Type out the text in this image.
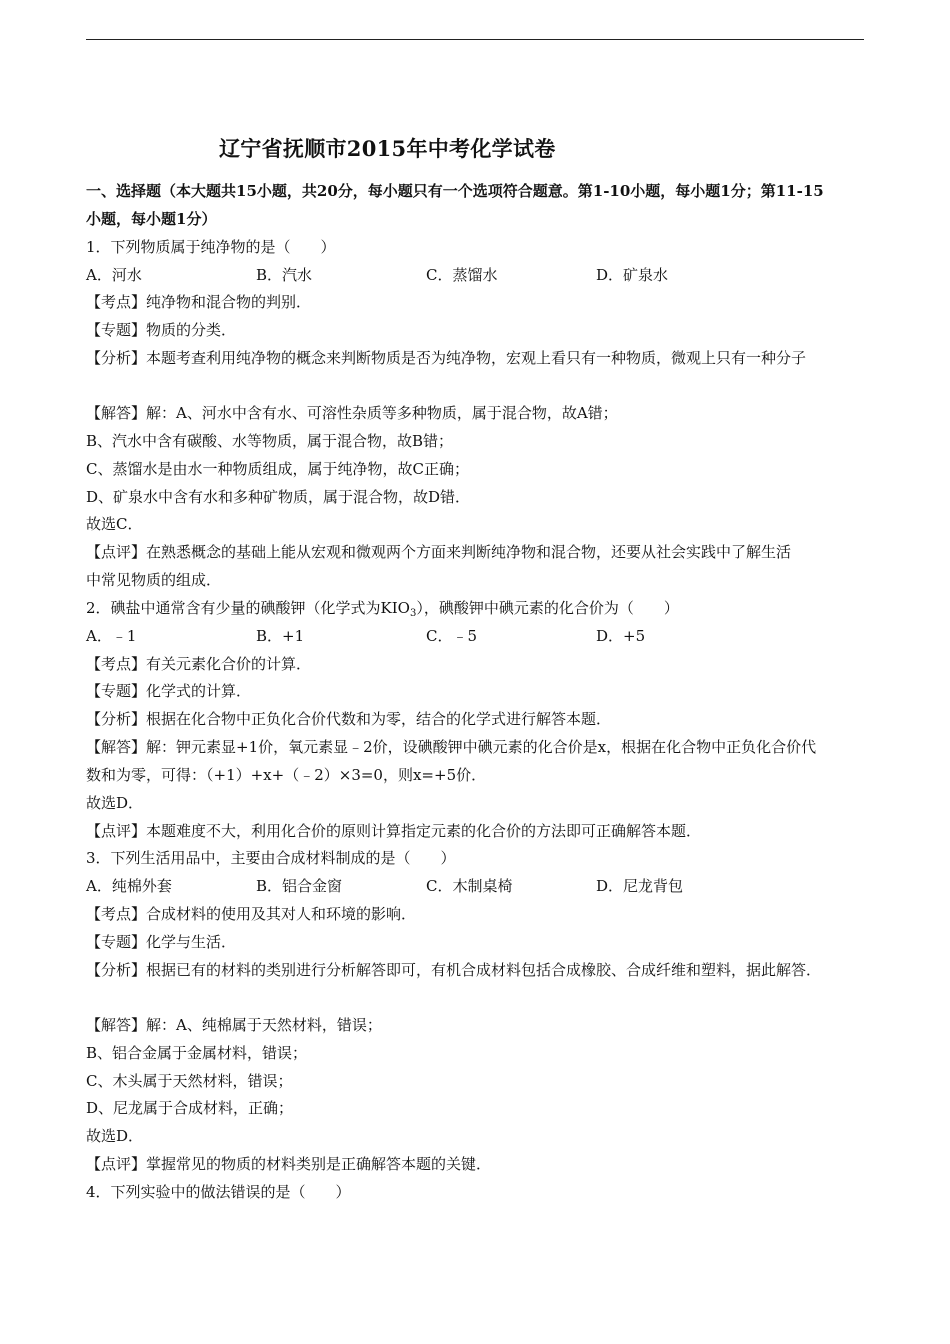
辽宁省抚顺市2015年中考化学试卷
一、选择题（本大题共15小题，共20分，每小题只有一个选项符合题意。第1-10小题，每小题1分；第11-15
小题，每小题1分）
1．下列物质属于纯净物的是（　　）
A．河水	B．汽水	C．蒸馏水	D．矿泉水
【考点】纯净物和混合物的判别．
【专题】物质的分类．
【分析】本题考查利用纯净物的概念来判断物质是否为纯净物，宏观上看只有一种物质，微观上只有一种分子
【解答】解：A、河水中含有水、可溶性杂质等多种物质，属于混合物，故A错；
B、汽水中含有碳酸、水等物质，属于混合物，故B错；
C、蒸馏水是由水一种物质组成，属于纯净物，故C正确；
D、矿泉水中含有水和多种矿物质，属于混合物，故D错．
故选C．
【点评】在熟悉概念的基础上能从宏观和微观两个方面来判断纯净物和混合物，还要从社会实践中了解生活
中常见物质的组成．
2．碘盐中通常含有少量的碘酸钾（化学式为$KIO_3$），碘酸钾中碘元素的化合价为（　　）
A．﹣1	B．+1	C．﹣5	D．+5
【考点】有关元素化合价的计算．
【专题】化学式的计算．
【分析】根据在化合物中正负化合价代数和为零，结合的化学式进行解答本题．
【解答】解：钾元素显+1价，氧元素显﹣2价，设碘酸钾中碘元素的化合价是x，根据在化合物中正负化合价代
数和为零，可得：（+1）+x+（﹣2）×3=0，则x=+5价．
故选D．
【点评】本题难度不大，利用化合价的原则计算指定元素的化合价的方法即可正确解答本题．
3．下列生活用品中，主要由合成材料制成的是（　　）
A．纯棉外套	B．铝合金窗	C．木制桌椅	D．尼龙背包
【考点】合成材料的使用及其对人和环境的影响．
【专题】化学与生活．
【分析】根据已有的材料的类别进行分析解答即可，有机合成材料包括合成橡胶、合成纤维和塑料，据此解答．
【解答】解：A、纯棉属于天然材料，错误；
B、铝合金属于金属材料，错误；
C、木头属于天然材料，错误；
D、尼龙属于合成材料，正确；
故选D．
【点评】掌握常见的物质的材料类别是正确解答本题的关键．
4．下列实验中的做法错误的是（　　）
